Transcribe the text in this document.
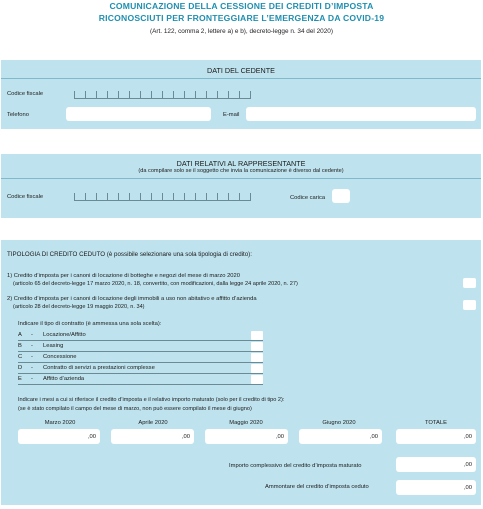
COMUNICAZIONE DELLA CESSIONE DEI CREDITI D’IMPOSTA
RICONOSCIUTI PER FRONTEGGIARE L’EMERGENZA DA COVID-19
(Art. 122, comma 2, lettere a) e b), decreto-legge n. 34 del 2020)
DATI DEL CEDENTE
Codice fiscale
Telefono	E-mail
DATI RELATIVI AL RAPPRESENTANTE
(da compilare solo se il soggetto che invia la comunicazione è diverso dal cedente)
Codice fiscale	Codice carica
TIPOLOGIA DI CREDITO CEDUTO (è possibile selezionare una sola tipologia di credito):
1) Credito d’imposta per i canoni di locazione di botteghe e negozi del mese di marzo 2020
(articolo 65 del decreto-legge 17 marzo 2020, n. 18, convertito, con modificazioni, dalla legge 24 aprile 2020, n. 27)
2) Credito d’imposta per i canoni di locazione degli immobili a uso non abitativo e affitto d’azienda
(articolo 28 del decreto-legge 19 maggio 2020, n. 34)
Indicare il tipo di contratto (è ammessa una sola scelta):
A - Locazione/Affitto
B - Leasing
C - Concessione
D - Contratto di servizi a prestazioni complesse
E - Affitto d’azienda
Indicare i mesi a cui si riferisce il credito d’imposta e il relativo importo maturato (solo per il credito di tipo 2):
(se è stato compilato il campo del mese di marzo, non può essere compilato il mese di giugno)
Marzo 2020	Aprile 2020	Maggio 2020	Giugno 2020	TOTALE
,00	,00	,00	,00	,00
Importo complessivo del credito d’imposta maturato	,00
Ammontare del credito d’imposta ceduto	,00
